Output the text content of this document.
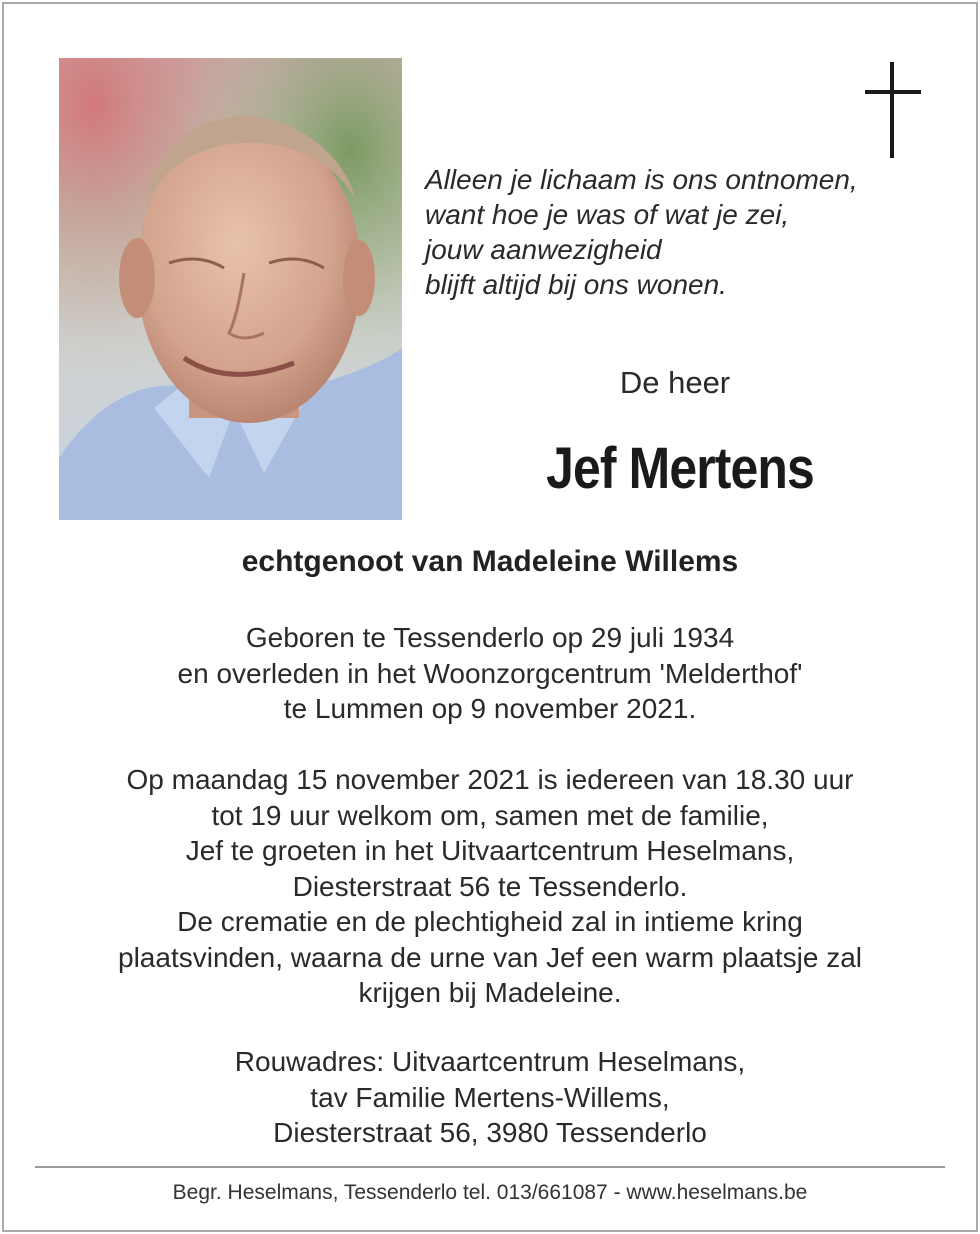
Alleen je lichaam is ons ontnomen,
want hoe je was of wat je zei,
jouw aanwezigheid
blijft altijd bij ons wonen.
De heer
Jef Mertens
echtgenoot van Madeleine Willems
Geboren te Tessenderlo op 29 juli 1934
en overleden in het Woonzorgcentrum 'Melderthof'
te Lummen op 9 november 2021.
Op maandag 15 november 2021 is iedereen van 18.30 uur
tot 19 uur welkom om, samen met de familie,
Jef te groeten in het Uitvaartcentrum Heselmans,
Diesterstraat 56 te Tessenderlo.
De crematie en de plechtigheid zal in intieme kring
plaatsvinden, waarna de urne van Jef een warm plaatsje zal
krijgen bij Madeleine.
Rouwadres: Uitvaartcentrum Heselmans,
tav Familie Mertens-Willems,
Diesterstraat 56, 3980 Tessenderlo
Begr. Heselmans, Tessenderlo tel. 013/661087 - www.heselmans.be
